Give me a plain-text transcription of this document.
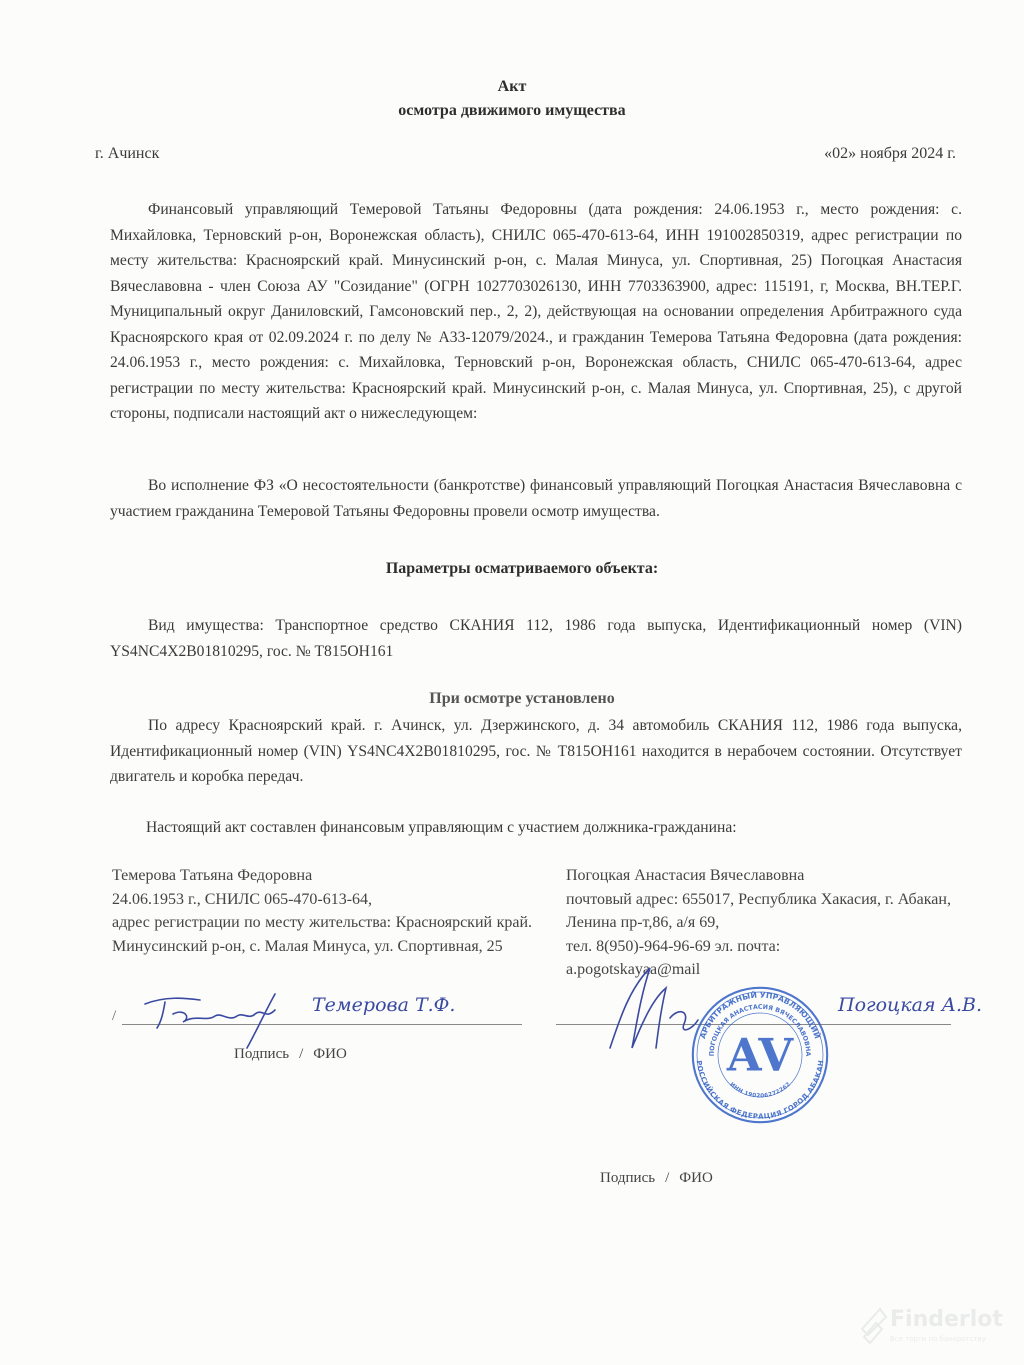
Акт
осмотра движимого имущества
г. Ачинск	«02» ноября 2024 г.

Финансовый управляющий Темеровой Татьяны Федоровны (дата рождения: 24.06.1953 г., место рождения: с. Михайловка, Терновский р-он, Воронежская область), СНИЛС 065-470-613-64, ИНН 191002850319, адрес регистрации по месту жительства: Красноярский край. Минусинский р-он, с. Малая Минуса, ул. Спортивная, 25) Погоцкая Анастасия Вячеславовна - член Союза АУ "Созидание" (ОГРН 1027703026130, ИНН 7703363900, адрес: 115191, г, Москва, ВН.ТЕР.Г. Муниципальный округ Даниловский, Гамсоновский пер., 2, 2), действующая на основании определения Арбитражного суда Красноярского края от 02.09.2024 г. по делу № А33-12079/2024., и гражданин Темерова Татьяна Федоровна (дата рождения: 24.06.1953 г., место рождения: с. Михайловка, Терновский р-он, Воронежская область, СНИЛС 065-470-613-64, адрес регистрации по месту жительства: Красноярский край. Минусинский р-он, с. Малая Минуса, ул. Спортивная, 25), с другой стороны, подписали настоящий акт о нижеследующем:

Во исполнение ФЗ «О несостоятельности (банкротстве) финансовый управляющий Погоцкая Анастасия Вячеславовна с участием гражданина Темеровой Татьяны Федоровны провели осмотр имущества.

Параметры осматриваемого объекта:

Вид имущества: Транспортное средство СКАНИЯ 112, 1986 года выпуска, Идентификационный номер (VIN) YS4NC4X2B01810295, гос. № Т815ОН161

При осмотре установлено

По адресу Красноярский край. г. Ачинск, ул. Дзержинского, д. 34 автомобиль СКАНИЯ 112, 1986 года выпуска, Идентификационный номер (VIN) YS4NC4X2B01810295, гос. № Т815ОН161 находится в нерабочем состоянии. Отсутствует двигатель и коробка передач.

Настоящий акт составлен финансовым управляющим с участием должника-гражданина:

Темерова Татьяна Федоровна
24.06.1953 г., СНИЛС 065-470-613-64,
адрес регистрации по месту жительства: Красноярский край. Минусинский р-он, с. Малая Минуса, ул. Спортивная, 25
Погоцкая Анастасия Вячеславовна
почтовый адрес: 655017, Республика Хакасия, г. Абакан, Ленина пр-т,86, а/я 69,
тел. 8(950)-964-96-69 эл. почта:
a.pogotskayaa@mail
/	Темерова Т.Ф.
АРБИТРАЖНЫЙ УПРАВЛЯЮЩИЙ
ПОГОЦКАЯ АНАСТАСИЯ ВЯЧЕСЛАВОВНА
РОССИЙСКАЯ ФЕДЕРАЦИЯ ГОРОД АБАКАН
ИНН 190206272262
AV
Погоцкая А.В.
Подпись / ФИО
Подпись / ФИО
Finderlot
Все торги по банкротству
